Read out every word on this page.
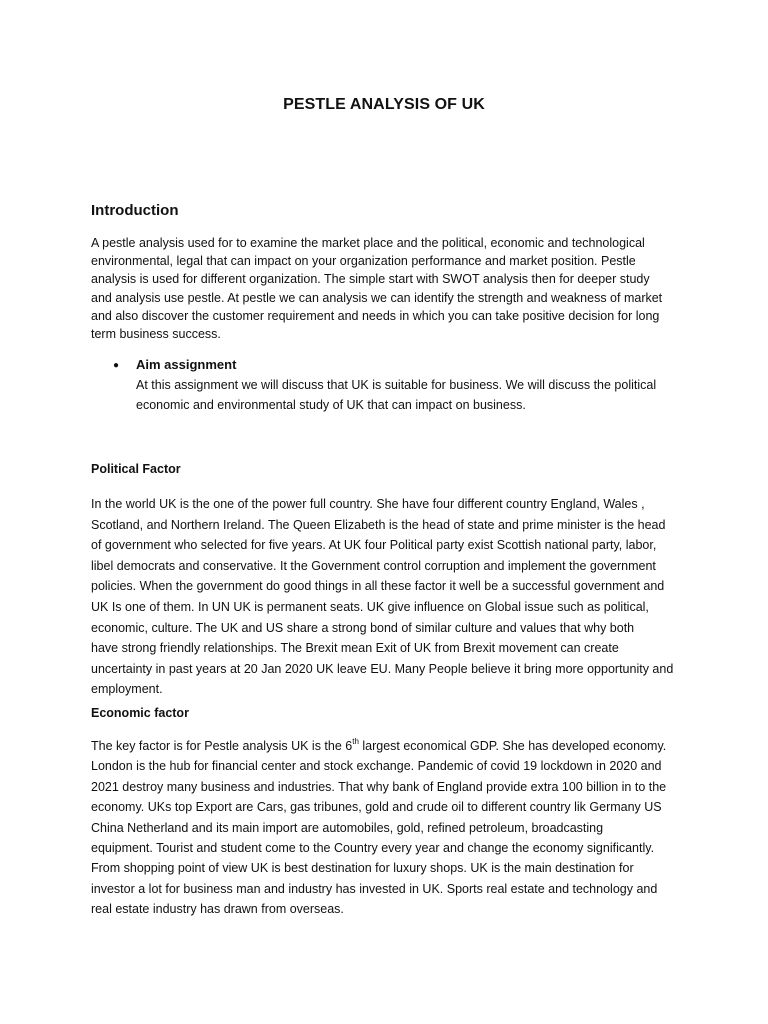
PESTLE ANALYSIS OF UK
Introduction
A pestle analysis used for to examine the market place and the political, economic and technological
environmental, legal that can impact on your organization performance and market position. Pestle
analysis is used for different organization. The simple start with SWOT analysis then for deeper study
and analysis use pestle. At pestle we can analysis we can identify the strength and weakness of market
and also discover the customer requirement and needs in which you can take positive decision for long
term business success.
● Aim assignment
At this assignment we will discuss that UK is suitable for business. We will discuss the political
economic and environmental study of UK that can impact on business.
Political Factor
In the world UK is the one of the power full country. She have four different country England, Wales ,
Scotland, and Northern Ireland. The Queen Elizabeth is the head of state and prime minister is the head
of government who selected for five years. At UK four Political party exist Scottish national party, labor,
libel democrats and conservative. It the Government control corruption and implement the government
policies. When the government do good things in all these factor it well be a successful government and
UK Is one of them. In UN UK is permanent seats. UK give influence on Global issue such as political,
economic, culture. The UK and US share a strong bond of similar culture and values that why both
have strong friendly relationships. The Brexit mean Exit of UK from Brexit movement can create
uncertainty in past years at 20 Jan 2020 UK leave EU. Many People believe it bring more opportunity and
employment.
Economic factor
The key factor is for Pestle analysis UK is the 6th largest economical GDP. She has developed economy.
London is the hub for financial center and stock exchange. Pandemic of covid 19 lockdown in 2020 and
2021 destroy many business and industries. That why bank of England provide extra 100 billion in to the
economy. UKs top Export are Cars, gas tribunes, gold and crude oil to different country lik Germany US
China Netherland and its main import are automobiles, gold, refined petroleum, broadcasting
equipment. Tourist and student come to the Country every year and change the economy significantly.
From shopping point of view UK is best destination for luxury shops. UK is the main destination for
investor a lot for business man and industry has invested in UK. Sports real estate and technology and
real estate industry has drawn from overseas.
